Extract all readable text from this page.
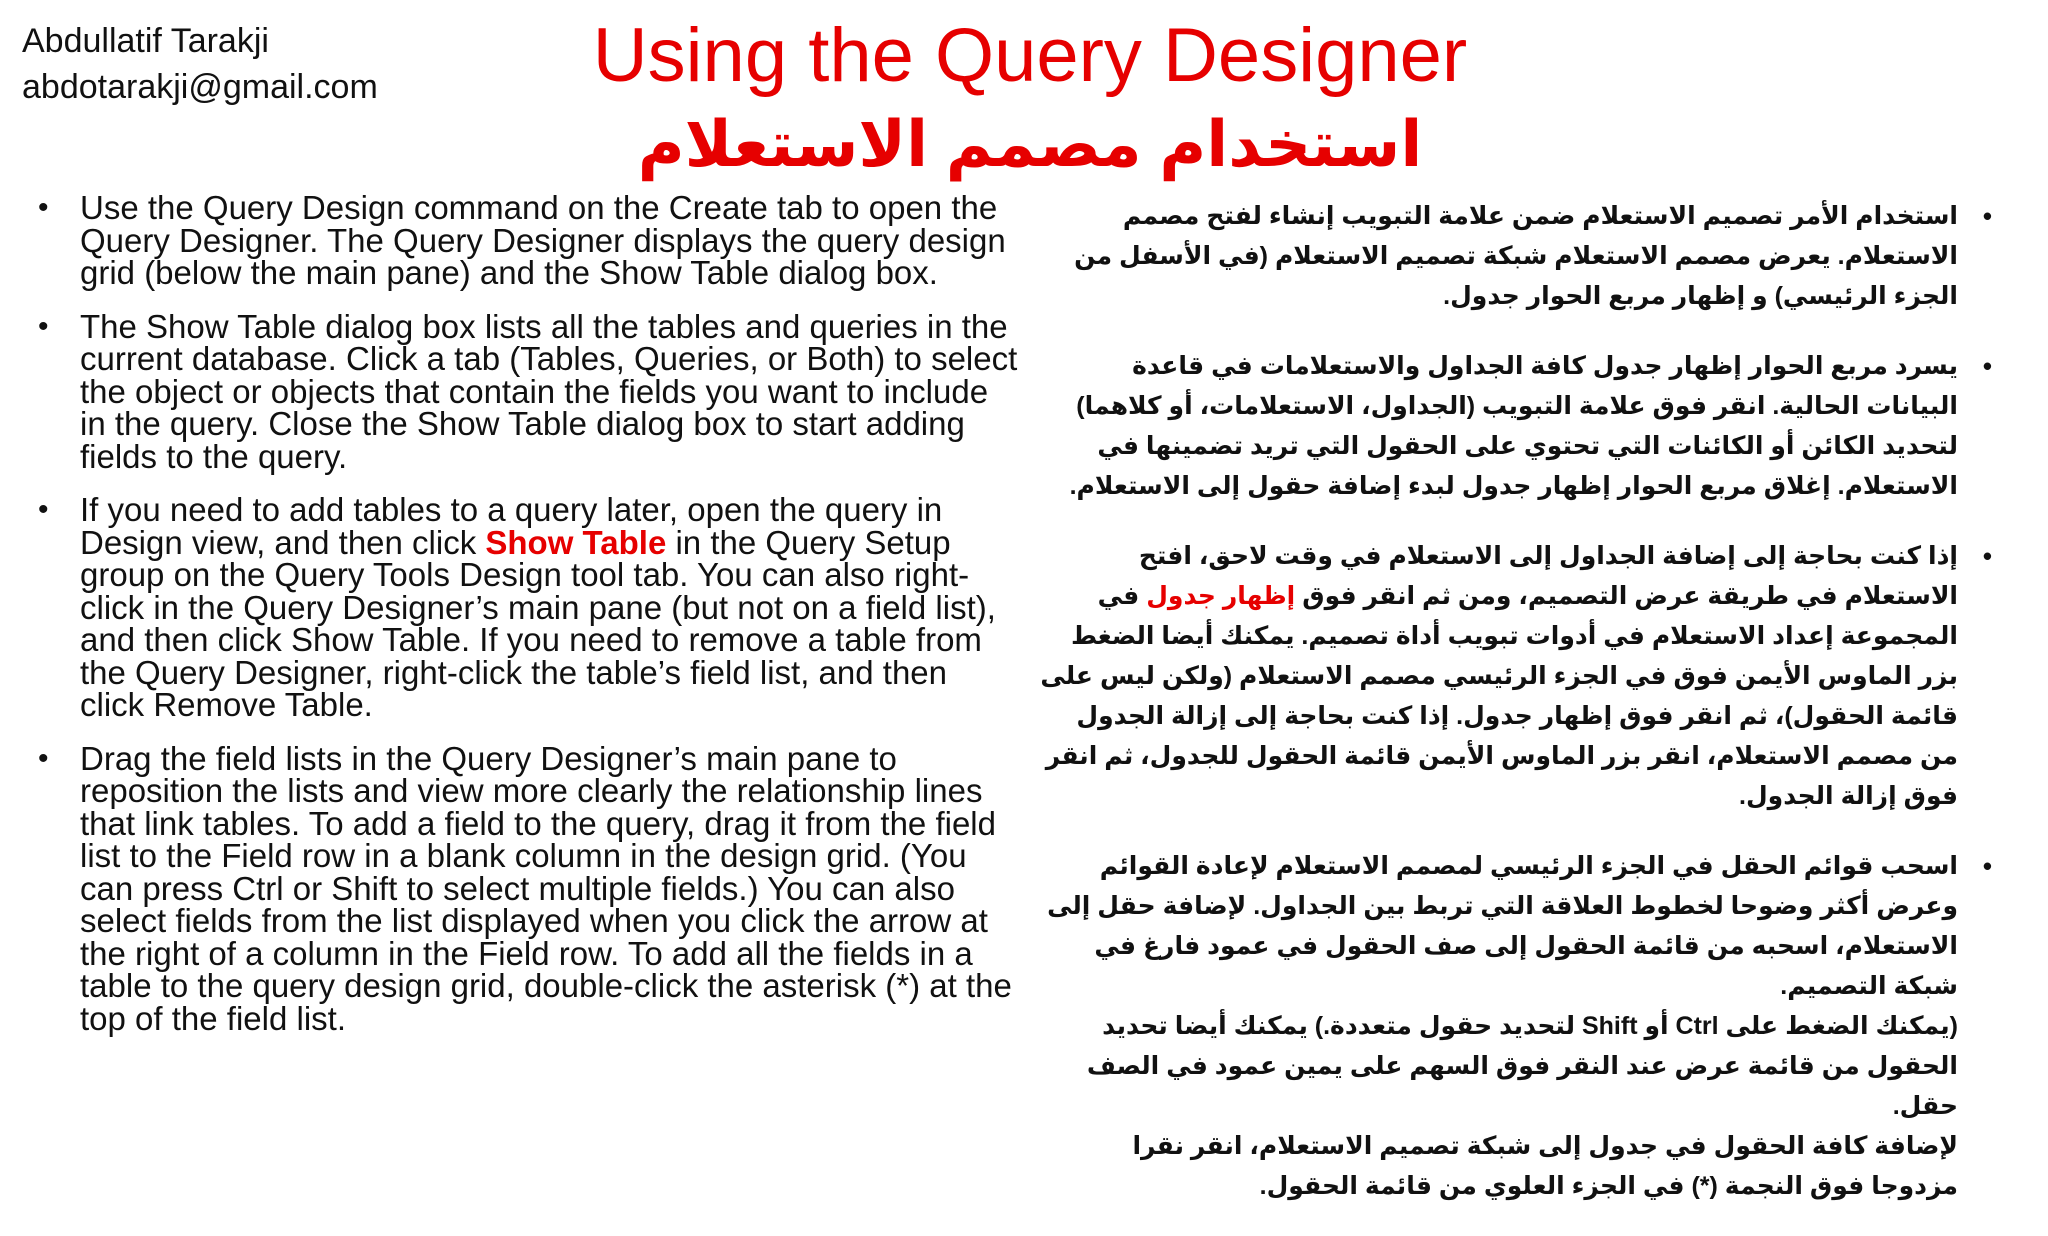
Abdullatif Tarakji
abdotarakji@gmail.com	Using the Query Designer
استخدام مصمم الاستعلام
• Use the Query Design command on the Create tab to open the Query Designer. The Query Designer displays the query design grid (below the main pane) and the Show Table dialog box.
• The Show Table dialog box lists all the tables and queries in the current database. Click a tab (Tables, Queries, or Both) to select the object or objects that contain the fields you want to include in the query. Close the Show Table dialog box to start adding fields to the query.
• If you need to add tables to a query later, open the query in Design view, and then click Show Table in the Query Setup group on the Query Tools Design tool tab. You can also right-click in the Query Designer’s main pane (but not on a field list), and then click Show Table. If you need to remove a table from the Query Designer, right-click the table’s field list, and then click Remove Table.
• Drag the field lists in the Query Designer’s main pane to reposition the lists and view more clearly the relationship lines that link tables. To add a field to the query, drag it from the field list to the Field row in a blank column in the design grid. (You can press Ctrl or Shift to select multiple fields.) You can also select fields from the list displayed when you click the arrow at the right of a column in the Field row. To add all the fields in a table to the query design grid, double-click the asterisk (*) at the top of the field list.
• استخدام الأمر تصميم الاستعلام ضمن علامة التبويب إنشاء لفتح مصمم الاستعلام. يعرض مصمم الاستعلام شبكة تصميم الاستعلام (في الأسفل من الجزء الرئيسي) و إظهار مربع الحوار جدول.
• يسرد مربع الحوار إظهار جدول كافة الجداول والاستعلامات في قاعدة البيانات الحالية. انقر فوق علامة التبويب (الجداول، الاستعلامات، أو كلاهما) لتحديد الكائن أو الكائنات التي تحتوي على الحقول التي تريد تضمينها في الاستعلام. إغلاق مربع الحوار إظهار جدول لبدء إضافة حقول إلى الاستعلام.
• إذا كنت بحاجة إلى إضافة الجداول إلى الاستعلام في وقت لاحق، افتح الاستعلام في طريقة عرض التصميم، ومن ثم انقر فوق إظهار جدول في المجموعة إعداد الاستعلام في أدوات تبويب أداة تصميم. يمكنك أيضا الضغط بزر الماوس الأيمن فوق في الجزء الرئيسي مصمم الاستعلام (ولكن ليس على قائمة الحقول)، ثم انقر فوق إظهار جدول. إذا كنت بحاجة إلى إزالة الجدول من مصمم الاستعلام، انقر بزر الماوس الأيمن قائمة الحقول للجدول، ثم انقر فوق إزالة الجدول.
• اسحب قوائم الحقل في الجزء الرئيسي لمصمم الاستعلام لإعادة القوائم وعرض أكثر وضوحا لخطوط العلاقة التي تربط بين الجداول. لإضافة حقل إلى الاستعلام، اسحبه من قائمة الحقول إلى صف الحقول في عمود فارغ في شبكة التصميم.
(يمكنك الضغط على Ctrl أو Shift لتحديد حقول متعددة.) يمكنك أيضا تحديد الحقول من قائمة عرض عند النقر فوق السهم على يمين عمود في الصف حقل.
لإضافة كافة الحقول في جدول إلى شبكة تصميم الاستعلام، انقر نقرا مزدوجا فوق النجمة (*) في الجزء العلوي من قائمة الحقول.
